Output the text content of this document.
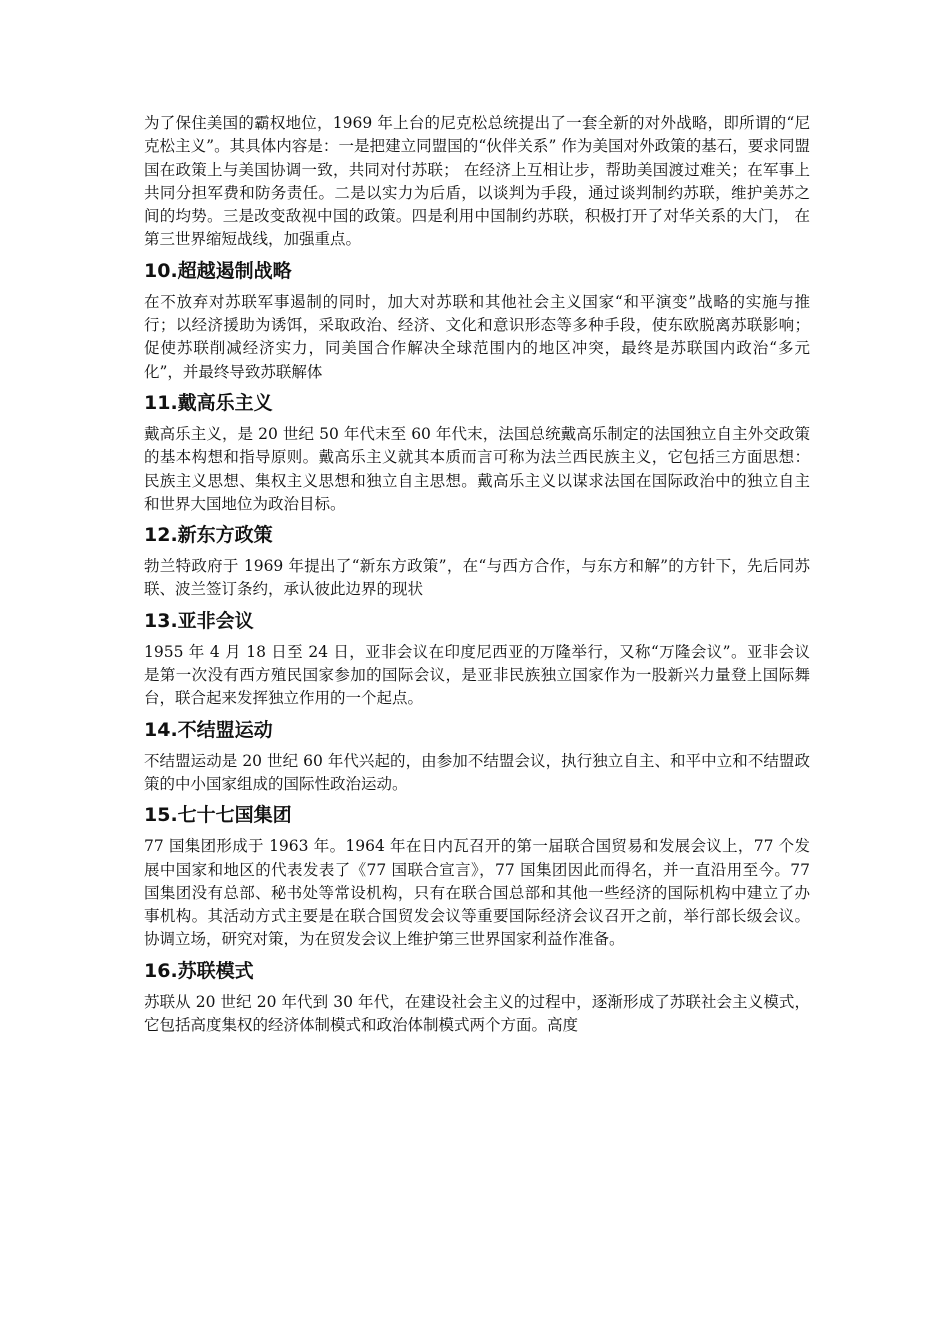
为了保住美国的霸权地位，1969 年上台的尼克松总统提出了一套全新的对外战略，即所谓的“尼克松主义”。其具体内容是：一是把建立同盟国的“伙伴关系” 作为美国对外政策的基石，要求同盟国在政策上与美国协调一致，共同对付苏联； 在经济上互相让步，帮助美国渡过难关；在军事上共同分担军费和防务责任。二是以实力为后盾，以谈判为手段，通过谈判制约苏联，维护美苏之间的均势。三是改变敌视中国的政策。四是利用中国制约苏联，积极打开了对华关系的大门， 在第三世界缩短战线，加强重点。

10.超越遏制战略

在不放弃对苏联军事遏制的同时，加大对苏联和其他社会主义国家“和平演变”战略的实施与推行；以经济援助为诱饵，采取政治、经济、文化和意识形态等多种手段，使东欧脱离苏联影响；促使苏联削减经济实力，同美国合作解决全球范围内的地区冲突，最终是苏联国内政治“多元化”，并最终导致苏联解体

11.戴高乐主义

戴高乐主义，是 20 世纪 50 年代末至 60 年代末，法国总统戴高乐制定的法国独立自主外交政策的基本构想和指导原则。戴高乐主义就其本质而言可称为法兰西民族主义，它包括三方面思想：民族主义思想、集权主义思想和独立自主思想。戴高乐主义以谋求法国在国际政治中的独立自主和世界大国地位为政治目标。

12.新东方政策

勃兰特政府于 1969 年提出了“新东方政策”，在“与西方合作，与东方和解”的方针下，先后同苏联、波兰签订条约，承认彼此边界的现状

13.亚非会议

1955 年 4 月 18 日至 24 日，亚非会议在印度尼西亚的万隆举行，又称“万隆会议”。亚非会议是第一次没有西方殖民国家参加的国际会议，是亚非民族独立国家作为一股新兴力量登上国际舞台，联合起来发挥独立作用的一个起点。

14.不结盟运动

不结盟运动是 20 世纪 60 年代兴起的，由参加不结盟会议，执行独立自主、和平中立和不结盟政策的中小国家组成的国际性政治运动。

15.七十七国集团

77 国集团形成于 1963 年。1964 年在日内瓦召开的第一届联合国贸易和发展会议上，77 个发展中国家和地区的代表发表了《77 国联合宣言》，77 国集团因此而得名，并一直沿用至今。77 国集团没有总部、秘书处等常设机构，只有在联合国总部和其他一些经济的国际机构中建立了办事机构。其活动方式主要是在联合国贸发会议等重要国际经济会议召开之前，举行部长级会议。协调立场，研究对策，为在贸发会议上维护第三世界国家利益作准备。

16.苏联模式

苏联从 20 世纪 20 年代到 30 年代，在建设社会主义的过程中，逐渐形成了苏联社会主义模式，它包括高度集权的经济体制模式和政治体制模式两个方面。高度
